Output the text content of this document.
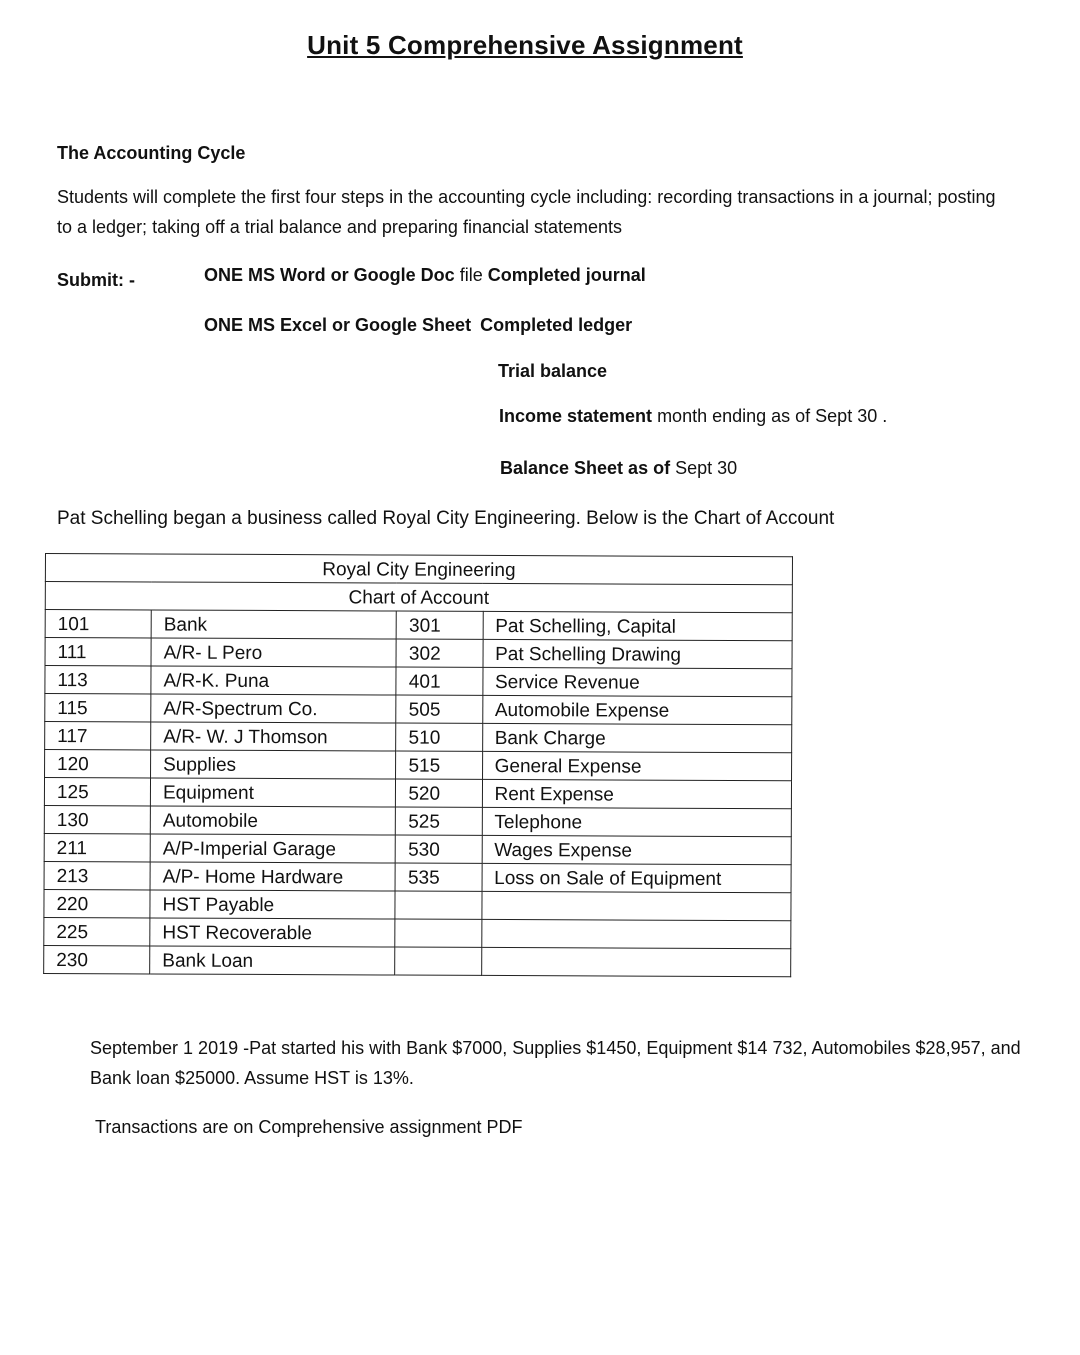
Unit 5 Comprehensive Assignment
The Accounting Cycle
Students will complete the first four steps in the accounting cycle including: recording transactions in a journal; posting to a ledger; taking off a trial balance and preparing financial statements
Submit: -	ONE MS Word or Google Doc file Completed journal
ONE MS Excel or Google Sheet Completed ledger
Trial balance
Income statement month ending as of Sept 30 .
Balance Sheet as of Sept 30
Pat Schelling began a business called Royal City Engineering. Below is the Chart of Account
Royal City Engineering			
Chart of Account			
101	Bank	301	Pat Schelling, Capital
111	A/R- L Pero	302	Pat Schelling Drawing
113	A/R-K. Puna	401	Service Revenue
115	A/R-Spectrum Co.	505	Automobile Expense
117	A/R- W. J Thomson	510	Bank Charge
120	Supplies	515	General Expense
125	Equipment	520	Rent Expense
130	Automobile	525	Telephone
211	A/P-Imperial Garage	530	Wages Expense
213	A/P- Home Hardware	535	Loss on Sale of Equipment
220	HST Payable		
225	HST Recoverable		
230	Bank Loan		
September 1 2019 -Pat started his with Bank $7000, Supplies $1450, Equipment $14 732, Automobiles $28,957, and Bank loan $25000. Assume HST is 13%.
Transactions are on Comprehensive assignment PDF
